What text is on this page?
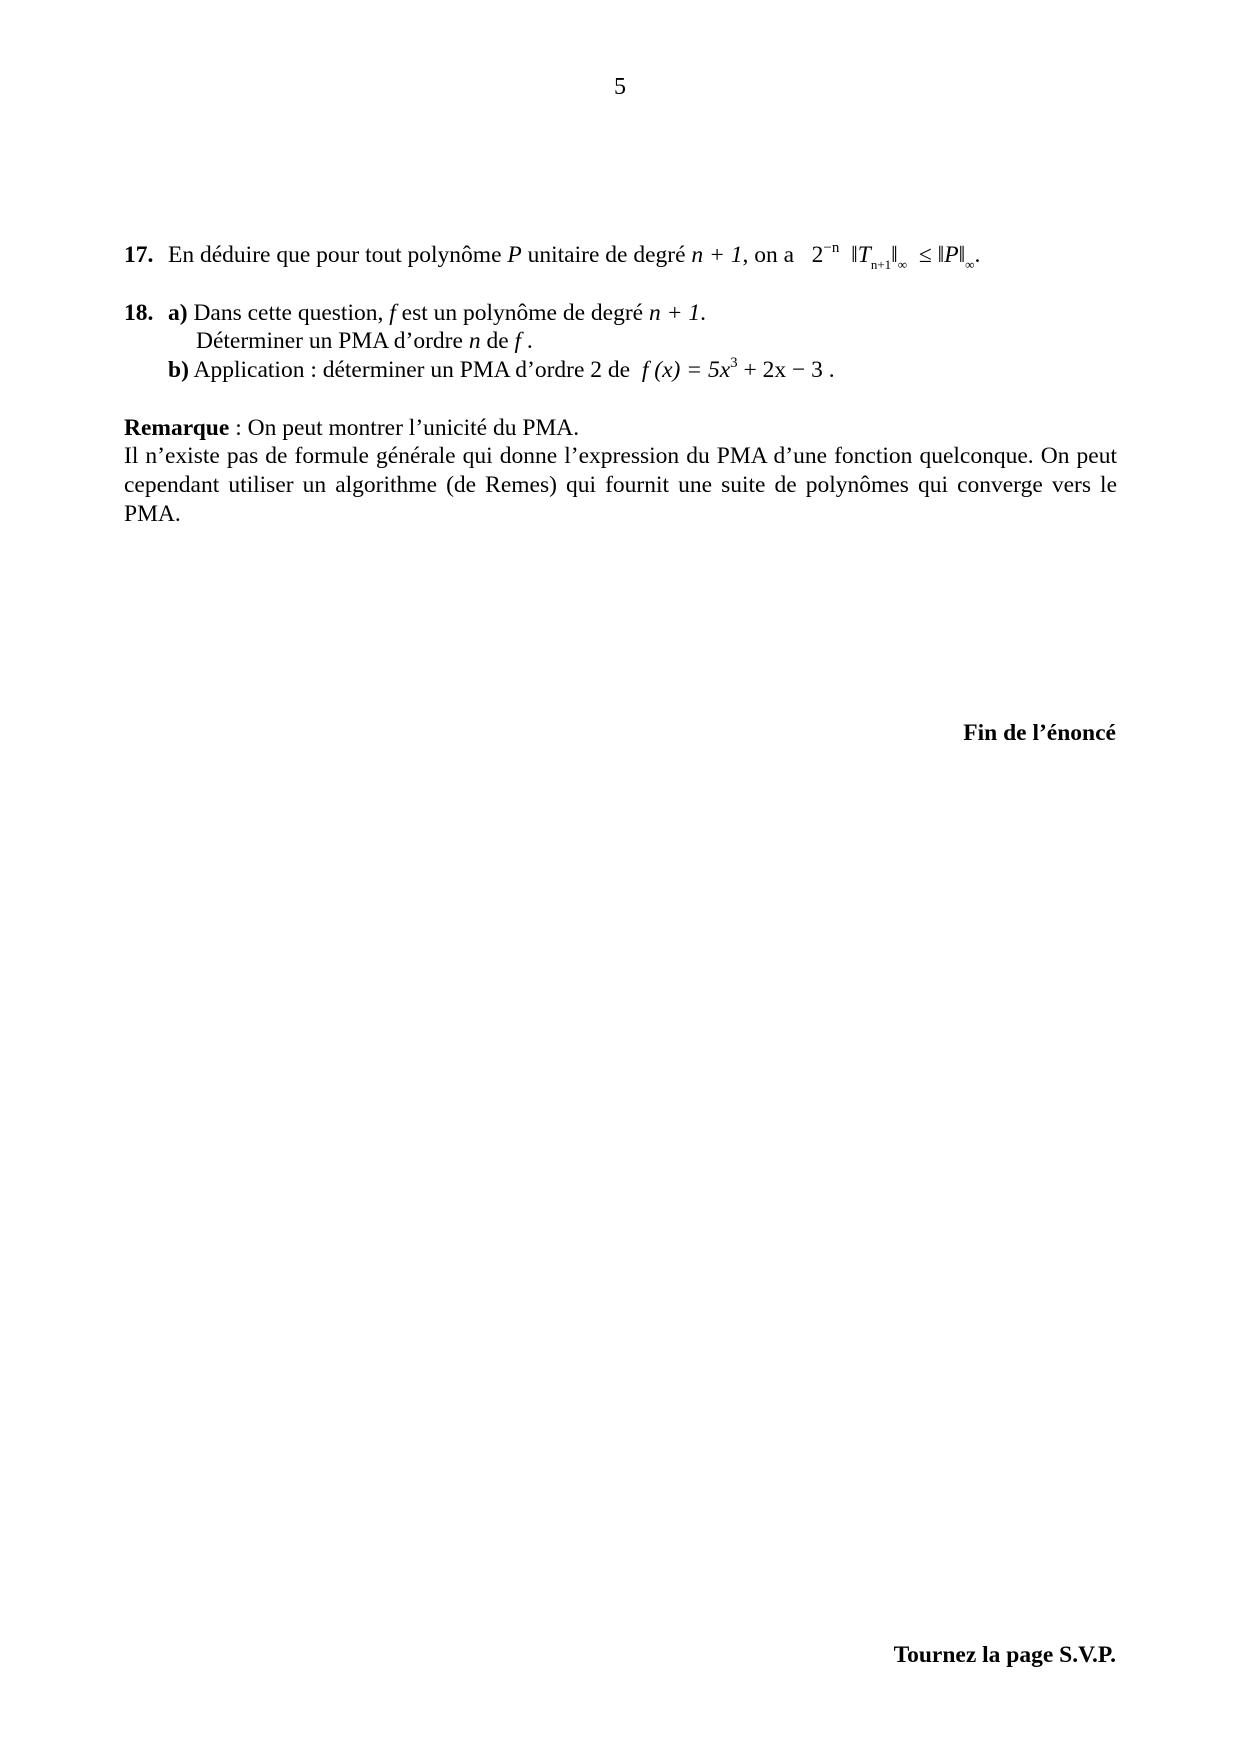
5
17. En déduire que pour tout polynôme P unitaire de degré n + 1, on a $2^{-n}$  $‖T_{n+1}‖_\infty$ ≤ $‖P‖_\infty$.
18. a) Dans cette question, f est un polynôme de degré n + 1.
Déterminer un PMA d’ordre n de f .
b) Application : déterminer un PMA d’ordre 2 de  f $(x) = 5x^3 + 2x - 3$ .
Remarque : On peut montrer l’unicité du PMA.
Il n’existe pas de formule générale qui donne l’expression du PMA d’une fonction quelconque. On peut cependant utiliser un algorithme (de Remes) qui fournit une suite de polynômes qui converge vers le PMA.
Fin de l’énoncé
Tournez la page S.V.P.
